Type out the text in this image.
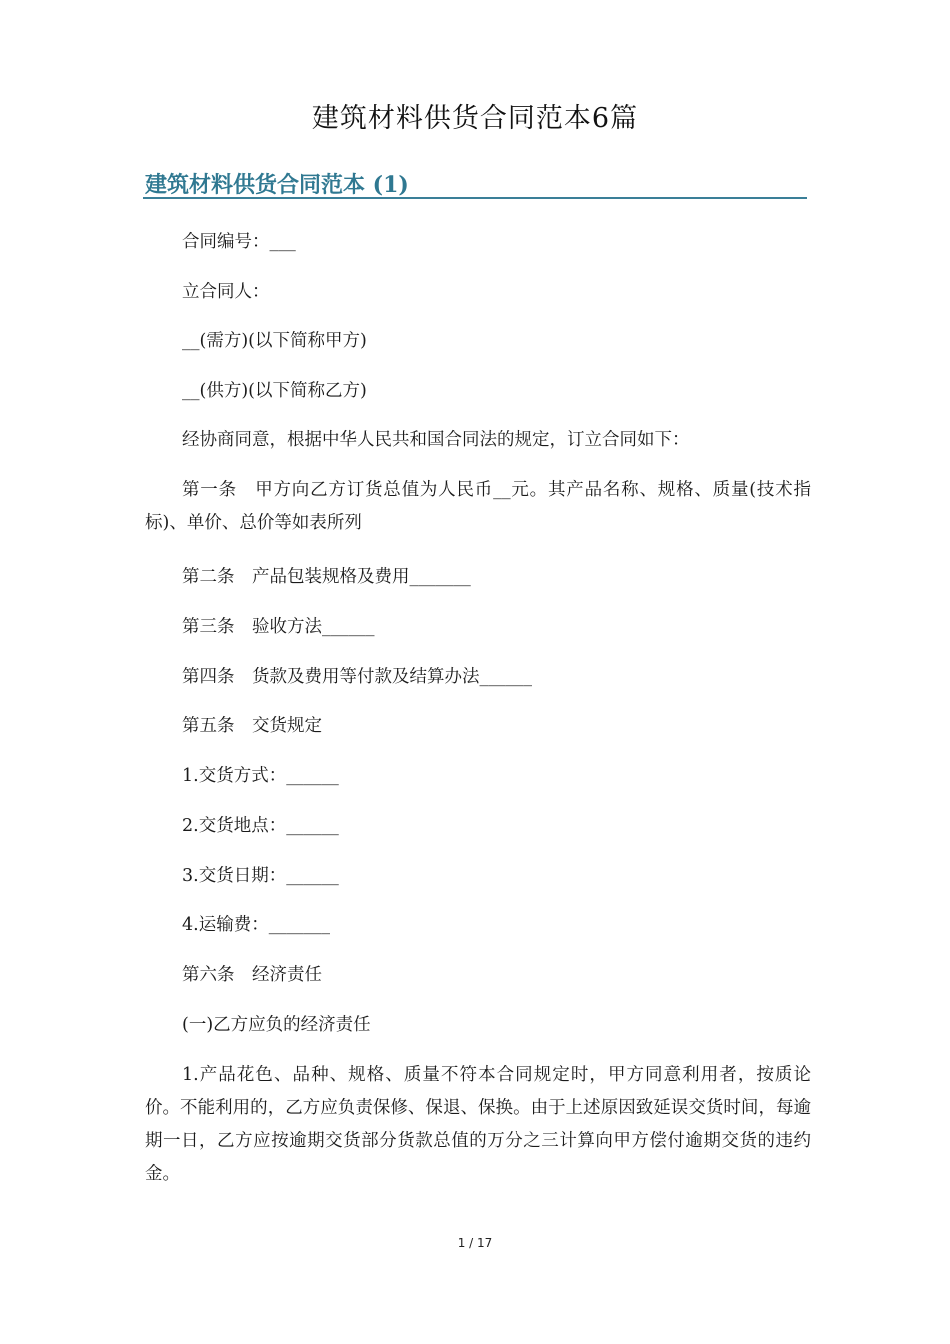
建筑材料供货合同范本6篇
建筑材料供货合同范本 (1)

合同编号：___

立合同人：

__(需方)(以下简称甲方)

__(供方)(以下简称乙方)

经协商同意，根据中华人民共和国合同法的规定，订立合同如下：

第一条　甲方向乙方订货总值为人民币__元。其产品名称、规格、质量(技术指标)、单价、总价等如表所列

第二条　产品包装规格及费用_______

第三条　验收方法______

第四条　货款及费用等付款及结算办法______

第五条　交货规定

1.交货方式：______

2.交货地点：______

3.交货日期：______

4.运输费：_______

第六条　经济责任

(一)乙方应负的经济责任

1.产品花色、品种、规格、质量不符本合同规定时，甲方同意利用者，按质论价。不能利用的，乙方应负责保修、保退、保换。由于上述原因致延误交货时间，每逾期一日，乙方应按逾期交货部分货款总值的万分之三计算向甲方偿付逾期交货的违约金。

1 / 17
